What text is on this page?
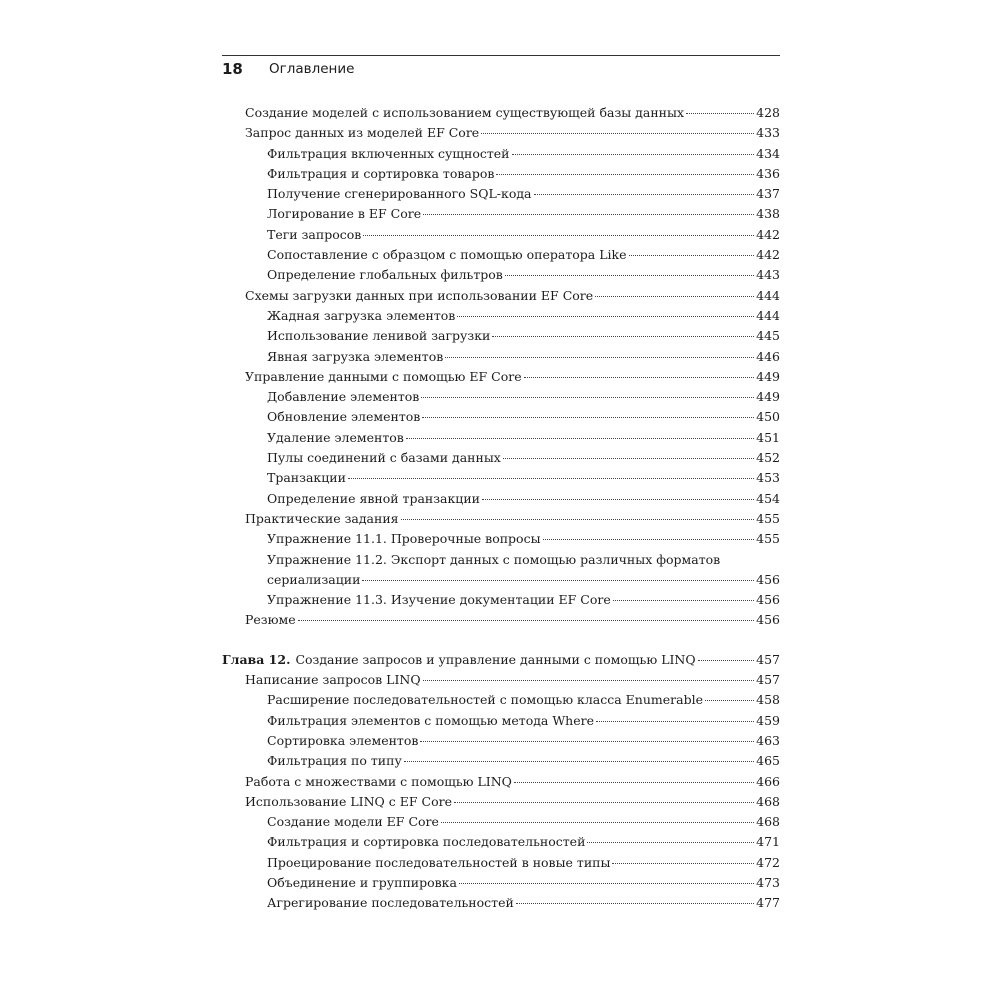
18 Оглавление
Создание моделей с использованием существующей базы данных	428
Запрос данных из моделей EF Core	433
Фильтрация включенных сущностей	434
Фильтрация и сортировка товаров	436
Получение сгенерированного SQL-кода	437
Логирование в EF Core	438
Теги запросов	442
Сопоставление с образцом с помощью оператора Like	442
Определение глобальных фильтров	443
Схемы загрузки данных при использовании EF Core	444
Жадная загрузка элементов	444
Использование ленивой загрузки	445
Явная загрузка элементов	446
Управление данными с помощью EF Core	449
Добавление элементов	449
Обновление элементов	450
Удаление элементов	451
Пулы соединений с базами данных	452
Транзакции	453
Определение явной транзакции	454
Практические задания	455
Упражнение 11.1. Проверочные вопросы	455
Упражнение 11.2. Экспорт данных с помощью различных форматов
сериализации	456
Упражнение 11.3. Изучение документации EF Core	456
Резюме	456
Глава 12. Создание запросов и управление данными с помощью LINQ	457
Написание запросов LINQ	457
Расширение последовательностей с помощью класса Enumerable	458
Фильтрация элементов с помощью метода Where	459
Сортировка элементов	463
Фильтрация по типу	465
Работа с множествами с помощью LINQ	466
Использование LINQ с EF Core	468
Создание модели EF Core	468
Фильтрация и сортировка последовательностей	471
Проецирование последовательностей в новые типы	472
Объединение и группировка	473
Агрегирование последовательностей	477
